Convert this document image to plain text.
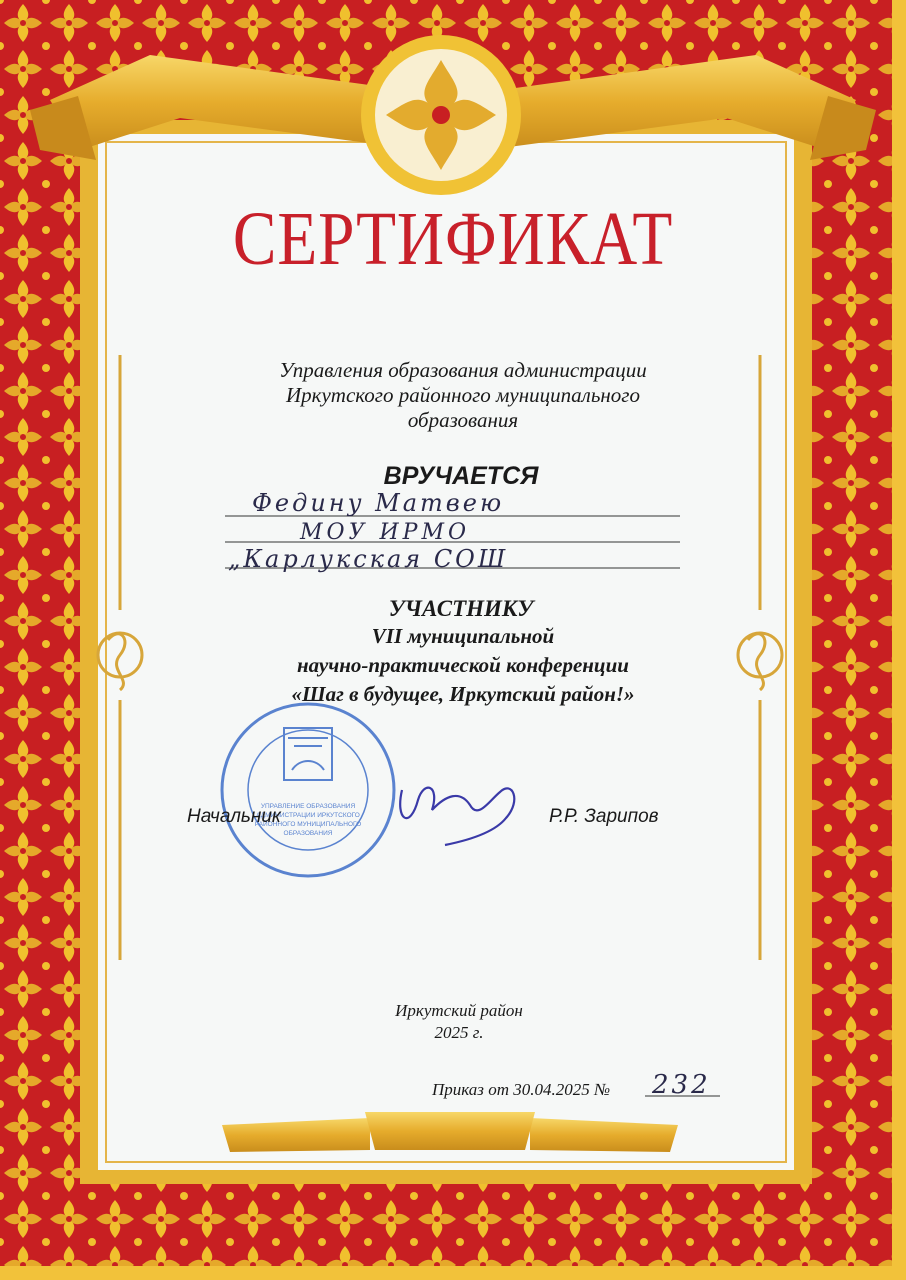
УПРАВЛЕНИЕ ОБРАЗОВАНИЯ
АДМИНИСТРАЦИИ ИРКУТСКОГО
РАЙОННОГО МУНИЦИПАЛЬНОГО
ОБРАЗОВАНИЯ
СЕРТИФИКАТ
Управления образования администрации
Иркутского районного муниципального
образования
ВРУЧАЕТСЯ
Федину Матвею
МОУ ИРМО
„Карлукская СОШ
УЧАСТНИКУ
VII муниципальной
научно-практической конференции
«Шаг в будущее, Иркутский район!»
Начальник	Р.Р. Зарипов
Иркутский район
2025 г.
Приказ от 30.04.2025 № 232
